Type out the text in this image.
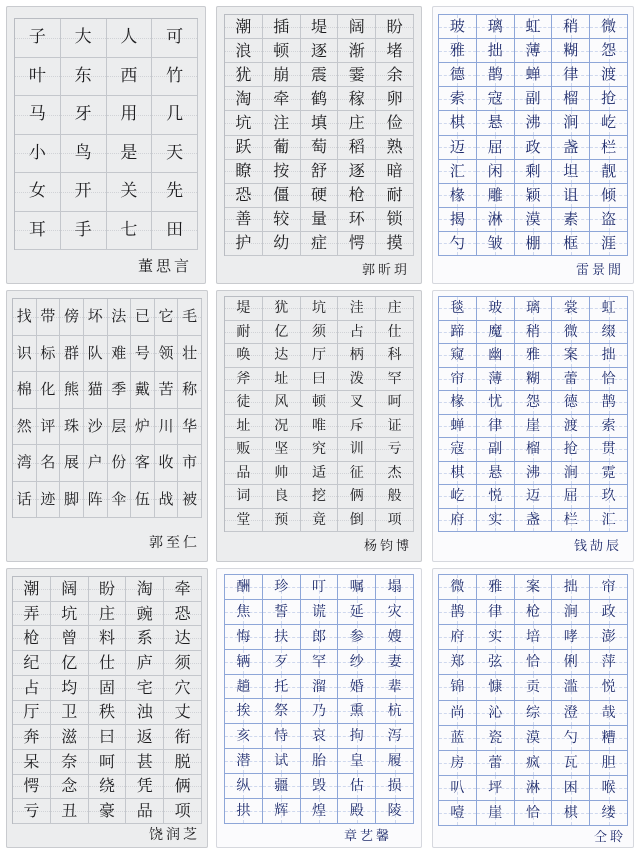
子 大 人 可
叶 东 西 竹
马 牙 用 几
小 鸟 是 天
女 开 关 先
耳 手 七 田
董思言
潮 插 堤 阔 盼
浪 顿 逐 渐 堵
犹 崩 震 霎 余
淘 牵 鹤 稼 卵
坑 注 填 庄 俭
跃 葡 萄 稻 熟
瞭 按 舒 逐 暗
恐 僵 硬 枪 耐
善 较 量 环 锁
护 幼 症 愕 摸
郭昕玥
玻 璃 虹 稍 微
雅 拙 薄 糊 怨
德 鹊 蝉 律 渡
索 寇 副 榴 抢
棋 悬 沸 涧 屹
迈 屈 政 盏 栏
汇 闲 剩 坦 靓
椽 雕 颖 诅 倾
揭 淋 漠 素 盗
勺 皱 棚 框 涯
雷景閒
找 带 傍 坏 法 已 它 毛
识 标 群 队 难 号 领 壮
棉 化 熊 猫 季 戴 苦 称
然 评 珠 沙 层 炉 川 华
湾 名 展 户 份 客 收 市
话 迹 脚 阵 伞 伍 战 被
郭至仁
堤 犹 坑 洼 庄
耐 亿 须 占 仕
唤 达 厅 柄 科
斧 址 曰 泼 罕
徒 风 顿 叉 呵
址 况 唯 斥 证
贩 坚 究 训 亏
品 帅 适 征 杰
词 良 挖 俩 般
堂 预 竟 倒 项
杨钧博
毯 玻 璃 裳 虹
蹄 魔 稍 微 缀
窥 幽 雅 案 拙
帘 薄 糊 蕾 恰
椽 忧 怨 德 鹊
蝉 律 崖 渡 索
寇 副 榴 抢 贯
棋 悬 沸 涧 霓
屹 悦 迈 屈 玖
府 实 盏 栏 汇
钱劼辰
潮 阔 盼 淘 牵
弄 坑 庄 豌 恐
枪 曾 料 系 达
纪 亿 仕 庐 须
占 均 固 宅 穴
厅 卫 秩 浊 丈
奔 滋 曰 返 衔
呆 奈 呵 甚 脱
愕 念 绕 凭 俩
亏 丑 豪 品 项
饶润芝
酬 珍 叮 嘱 塌
焦 誓 谎 延 灾
悔 扶 郎 参 嫂
辆 歹 罕 纱 妻
趟 托 溜 婚 辈
挨 祭 乃 熏 杭
亥 恃 哀 拘 泻
潜 试 胎 皇 履
纵 疆 毁 估 损
拱 辉 煌 殿 陵
章艺馨
微 雅 案 拙 帘
鹊 律 枪 涧 政
府 实 培 哮 澎
郑 弦 恰 俐 萍
锦 慷 贡 滥 悦
尚 沁 综 澄 哉
蓝 瓷 漠 勺 糟
房 蕾 疯 瓦 胆
叭 坪 淋 困 喉
噎 崖 恰 棋 缕
仝聆
